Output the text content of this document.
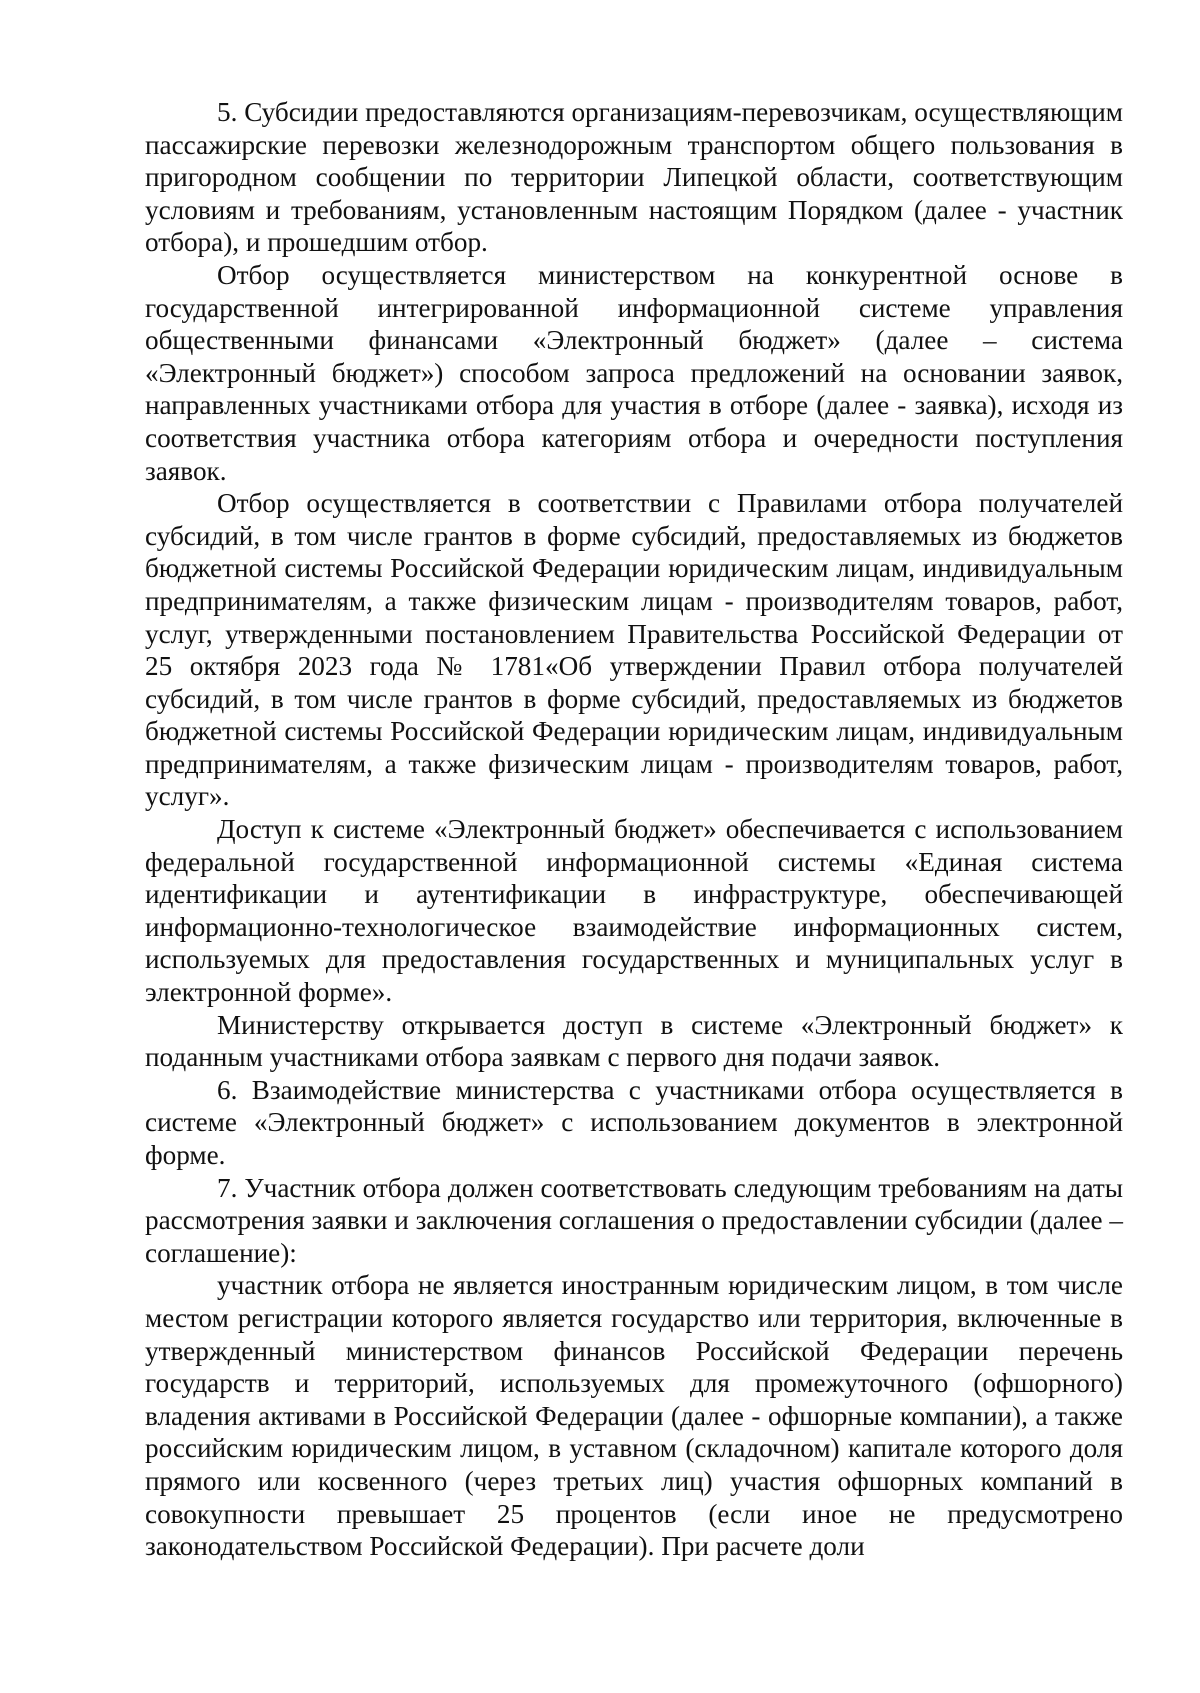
5. Субсидии предоставляются организациям-перевозчикам, осуществляющим пассажирские перевозки железнодорожным транспортом общего пользования в пригородном сообщении по территории Липецкой области, соответствующим условиям и требованиям, установленным настоящим Порядком (далее - участник отбора), и прошедшим отбор.

Отбор осуществляется министерством на конкурентной основе в государственной интегрированной информационной системе управления общественными финансами «Электронный бюджет» (далее – система «Электронный бюджет») способом запроса предложений на основании заявок, направленных участниками отбора для участия в отборе (далее - заявка), исходя из соответствия участника отбора категориям отбора и очередности поступления заявок.

Отбор осуществляется в соответствии с Правилами отбора получателей субсидий, в том числе грантов в форме субсидий, предоставляемых из бюджетов бюджетной системы Российской Федерации юридическим лицам, индивидуальным предпринимателям, а также физическим лицам - производителям товаров, работ, услуг, утвержденными постановлением Правительства Российской Федерации от 25 октября 2023 года № 1781«Об утверждении Правил отбора получателей субсидий, в том числе грантов в форме субсидий, предоставляемых из бюджетов бюджетной системы Российской Федерации юридическим лицам, индивидуальным предпринимателям, а также физическим лицам - производителям товаров, работ, услуг».

Доступ к системе «Электронный бюджет» обеспечивается с использованием федеральной государственной информационной системы «Единая система идентификации и аутентификации в инфраструктуре, обеспечивающей информационно-технологическое взаимодействие информационных систем, используемых для предоставления государственных и муниципальных услуг в электронной форме».

Министерству открывается доступ в системе «Электронный бюджет» к поданным участниками отбора заявкам с первого дня подачи заявок.

6. Взаимодействие министерства с участниками отбора осуществляется в системе «Электронный бюджет» с использованием документов в электронной форме.

7. Участник отбора должен соответствовать следующим требованиям на даты рассмотрения заявки и заключения соглашения о предоставлении субсидии (далее – соглашение):

участник отбора не является иностранным юридическим лицом, в том числе местом регистрации которого является государство или территория, включенные в утвержденный министерством финансов Российской Федерации перечень государств и территорий, используемых для промежуточного (офшорного) владения активами в Российской Федерации (далее - офшорные компании), а также российским юридическим лицом, в уставном (складочном) капитале которого доля прямого или косвенного (через третьих лиц) участия офшорных компаний в совокупности превышает 25 процентов (если иное не предусмотрено законодательством Российской Федерации). При расчете доли
